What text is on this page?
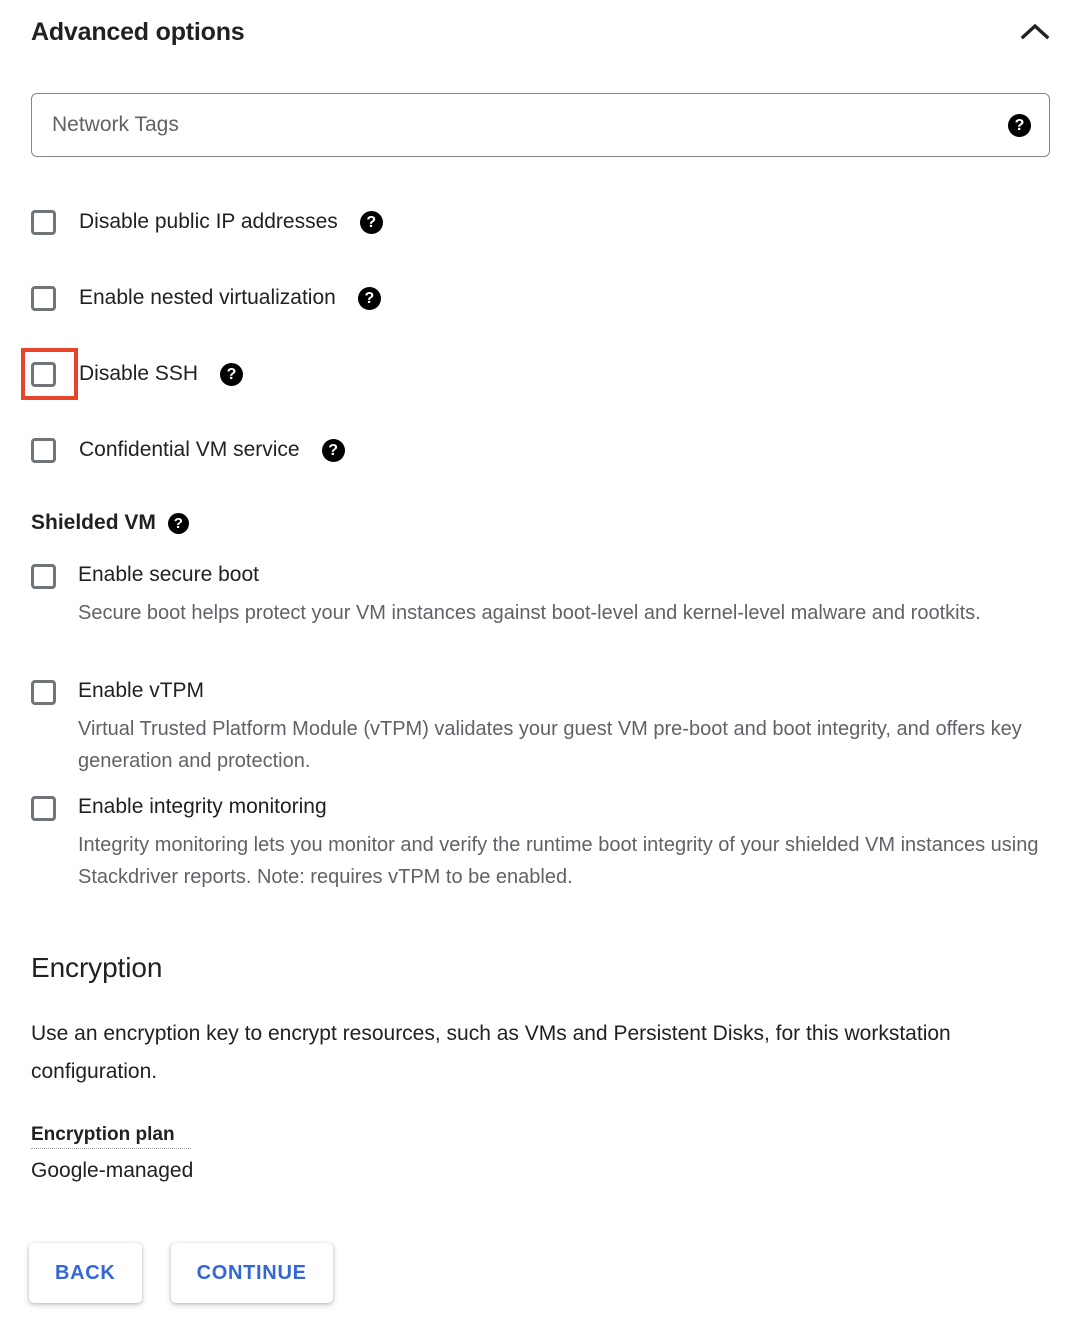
Advanced options
Network Tags
?
Disable public IP addresses	?
Enable nested virtualization	?
Disable SSH	?
Confidential VM service	?
Shielded VM	?
Enable secure boot
Secure boot helps protect your VM instances against boot-level and kernel-level malware and rootkits.
Enable vTPM
Virtual Trusted Platform Module (vTPM) validates your guest VM pre-boot and boot integrity, and offers key generation and protection.
Enable integrity monitoring
Integrity monitoring lets you monitor and verify the runtime boot integrity of your shielded VM instances using Stackdriver reports. Note: requires vTPM to be enabled.
Encryption
Use an encryption key to encrypt resources, such as VMs and Persistent Disks, for this workstation configuration.
Encryption plan
Google-managed
BACK	CONTINUE
